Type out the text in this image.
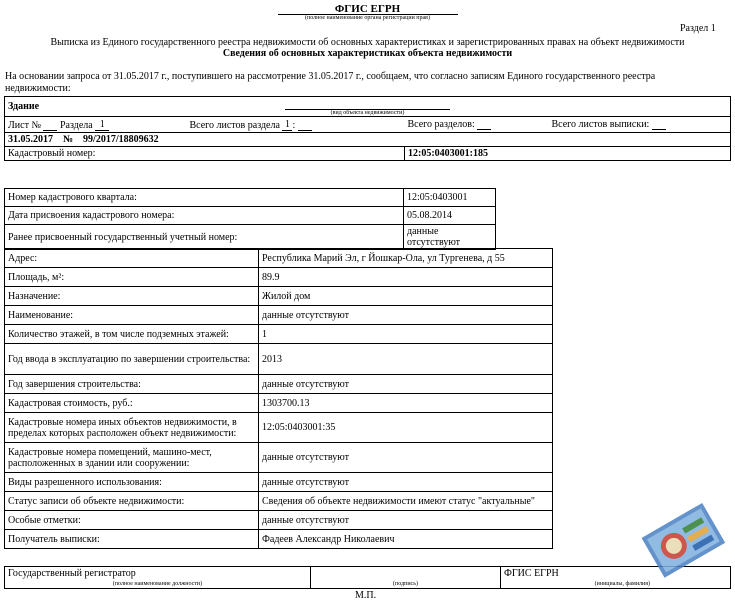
ФГИС ЕГРН
(полное наименование органа регистрации прав)
Раздел 1
Выписка из Единого государственного реестра недвижимости об основных характеристиках и зарегистрированных правах на объект недвижимости
Сведения об основных характеристиках объекта недвижимости
На основании запроса от 31.05.2017 г., поступившего на рассмотрение 31.05.2017 г., сообщаем, что согласно записям Единого государственного реестра недвижимости:
Здание
(вид объекта недвижимости)			

Лист № Раздела 1	Всего листов раздела 1 :	Всего разделов:	Всего листов выписки:
31.05.2017    №    99/2017/18809632			
Кадастровый номер:		12:05:0403001:185	
Номер кадастрового квартала:	12:05:0403001
Дата присвоения кадастрового номера:	05.08.2014
Ранее присвоенный государственный учетный номер:	данные отсутствуют
Адрес:	Республика Марий Эл, г Йошкар-Ола, ул Тургенева, д 55
Площадь, м²:	89.9
Назначение:	Жилой дом
Наименование:	данные отсутствуют
Количество этажей, в том числе подземных этажей:	1
Год ввода в эксплуатацию по завершении строительства:	2013
Год завершения строительства:	данные отсутствуют
Кадастровая стоимость, руб.:	1303700.13
Кадастровые номера иных объектов недвижимости, в пределах которых расположен объект недвижимости:	12:05:0403001:35
Кадастровые номера помещений, машино-мест, расположенных в здании или сооружении:	данные отсутствуют
Виды разрешенного использования:	данные отсутствуют
Статус записи об объекте недвижимости:	Сведения об объекте недвижимости имеют статус "актуальные"
Особые отметки:	данные отсутствуют
Получатель выписки:	Фадеев Александр Николаевич
Государственный регистратор		ФГИС ЕГРН
(полное наименование должности)	(подпись)	(инициалы, фамилия)
М.П.
